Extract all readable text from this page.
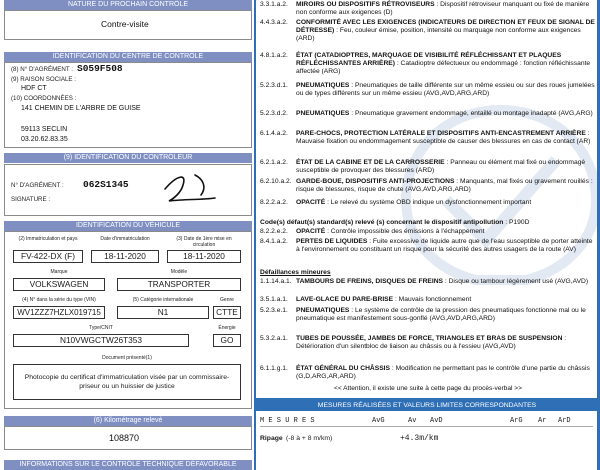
NATURE DU PROCHAIN CONTRÔLE
Contre-visite
IDENTIFICATION DU CENTRE DE CONTRÔLE
(8) N° D'AGRÉMENT : S059F508
(9) RAISON SOCIALE :
HDF CT
(10) COORDONNÉES :
141 CHEMIN DE L'ARBRE DE GUISE
59113 SECLIN
03.20.62.83.35
(9) IDENTIFICATION DU CONTRÔLEUR
N° D'AGRÉMENT : 062S1345
SIGNATURE :
IDENTIFICATION DU VÉHICULE
(2) Immatriculation et pays	Date d'immatriculation	(3) Date de 1ère mise en circulation
FV-422-DX (F)	18-11-2020	18-11-2020
Marque	Modèle
VOLKSWAGEN	TRANSPORTER
(4) N° dans la série du type (VIN)	(5) Catégorie internationale	Genre
WV1ZZZ7HZLX019715	N1	CTTE
Type/CNIT	Énergie
N10VWGCTW26T353	GO
Document présenté(1)
Photocopie du certificat d'immatriculation visée par un commissaire-priseur ou un huissier de justice
(6) Kilométrage relevé
108870
INFORMATIONS SUR LE CONTRÔLE TECHNIQUE DÉFAVORABLE
3.3.1.a.2.	MIROIRS OU DISPOSITIFS RÉTROVISEURS : Dispositif rétroviseur manquant ou fixé de manière non conforme aux exigences (D)
4.4.3.a.2.	CONFORMITÉ AVEC LES EXIGENCES (INDICATEURS DE DIRECTION ET FEUX DE SIGNAL DE DÉTRESSE) : Feu, couleur émise, position, intensité ou marquage non conforme aux exigences (ARD)
4.8.1.a.2.	ÉTAT (CATADIOPTRES, MARQUAGE DE VISIBILITÉ RÉFLÉCHISSANT ET PLAQUES RÉFLÉCHISSANTES ARRIÈRE) : Catadioptre défectueux ou endommagé : fonction réfléchissante affectée (ARG)
5.2.3.d.1.	PNEUMATIQUES : Pneumatiques de taille différente sur un même essieu ou sur des roues jumelées ou de types différents sur un même essieu (AVG,AVD,ARG,ARD)
5.2.3.d.2.	PNEUMATIQUES : Pneumatique gravement endommagé, entaillé ou montage inadapté (AVG,ARG)
6.1.4.a.2.	PARE-CHOCS, PROTECTION LATÉRALE ET DISPOSITIFS ANTI-ENCASTREMENT ARRIÈRE : Mauvaise fixation ou endommagement susceptible de causer des blessures en cas de contact (AR)
6.2.1.a.2.	ÉTAT DE LA CABINE ET DE LA CARROSSERIE : Panneau ou élément mal fixé ou endommagé susceptible de provoquer des blessures (ARD)
6.2.10.a.2. GARDE-BOUE, DISPOSITIFS ANTI-PROJECTIONS : Manquants, mal fixés ou gravement rouillés : risque de blessures, risque de chute (AVG,AVD,ARG,ARD)
8.2.2.a.2.	OPACITÉ : Le relevé du système OBD indique un dysfonctionnement important
Code(s) défaut(s) standard(s) relevé (s) concernant le dispositif antipollution : P190D
8.2.2.e.2.	OPACITÉ : Contrôle impossible des émissions à l'échappement
8.4.1.a.2.	PERTES DE LIQUIDES : Fuite excessive de liquide autre que de l'eau susceptible de porter atteinte à l'environnement ou constituant un risque pour la sécurité des autres usagers de la route (AV)
Défaillances mineures
1.1.14.a.1. TAMBOURS DE FREINS, DISQUES DE FREINS : Disque ou tambour légèrement usé (AVG,AVD)
3.5.1.a.1.	LAVE-GLACE DU PARE-BRISE : Mauvais fonctionnement
5.2.3.e.1.	PNEUMATIQUES : Le système de contrôle de la pression des pneumatiques fonctionne mal ou le pneumatique est manifestement sous-gonflé (AVG,AVD,ARG,ARD)
5.3.2.a.1.	TUBES DE POUSSÉE, JAMBES DE FORCE, TRIANGLES ET BRAS DE SUSPENSION : Détérioration d'un silentbloc de liaison au châssis ou à l'essieu (AVG,AVD)
6.1.1.g.1.	ÉTAT GÉNÉRAL DU CHÂSSIS : Modification ne permettant pas le contrôle d'une partie du châssis (G,D,ARG,AR,ARD)
<< Attention, il existe une suite à cette page du procès-verbal >>
MESURES RÉALISÉES ET VALEURS LIMITES CORRESPONDANTES
M E S U R E S	AvG	Av AvD	ArG Ar ArD
Ripage (-8 à + 8 m/km)	+4.3m/km
